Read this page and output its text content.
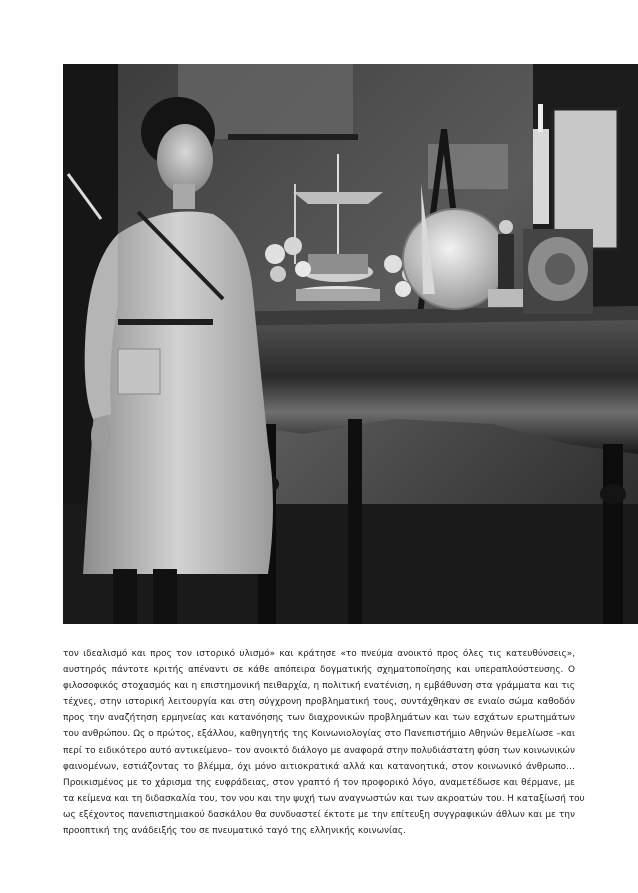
τον ιδεαλισμό και προς τον ιστορικό υλισμό» και κράτησε «το πνεύμα ανοικτό προς όλες τις κατευθύνσεις»,
αυστηρός πάντοτε κριτής απέναντι σε κάθε απόπειρα δογματικής σχηματοποίησης και υπεραπλούστευσης. Ο
φιλοσοφικός στοχασμός και η επιστημονική πειθαρχία, η πολιτική ενατένιση, η εμβάθυνση στα γράμματα και τις
τέχνες, στην ιστορική λειτουργία και στη σύγχρονη προβληματική τους, συντάχθηκαν σε ενιαίο σώμα καθοδόν
προς την αναζήτηση ερμηνείας και κατανόησης των διαχρονικών προβλημάτων και των εσχάτων ερωτημάτων
του ανθρώπου. Ως ο πρώτος, εξάλλου, καθηγητής της Κοινωνιολογίας στο Πανεπιστήμιο Αθηνών θεμελίωσε –και
περί το ειδικότερο αυτό αντικείμενο– τον ανοικτό διάλογο με αναφορά στην πολυδιάστατη φύση των κοινωνικών
φαινομένων, εστιάζοντας το βλέμμα, όχι μόνο αιτιοκρατικά αλλά και κατανοητικά, στον κοινωνικό άνθρωπο…
Προικισμένος με το χάρισμα της ευφράδειας, στον γραπτό ή τον προφορικό λόγο, αναμετέδωσε και θέρμανε, με
τα κείμενα και τη διδασκαλία του, τον νου και την ψυχή των αναγνωστών και των ακροατών του. Η καταξίωσή του
ως εξέχοντος πανεπιστημιακού δασκάλου θα συνδυαστεί έκτοτε με την επίτευξη συγγραφικών άθλων και με την
προοπτική της ανάδειξής του σε πνευματικό ταγό της ελληνικής κοινωνίας.
